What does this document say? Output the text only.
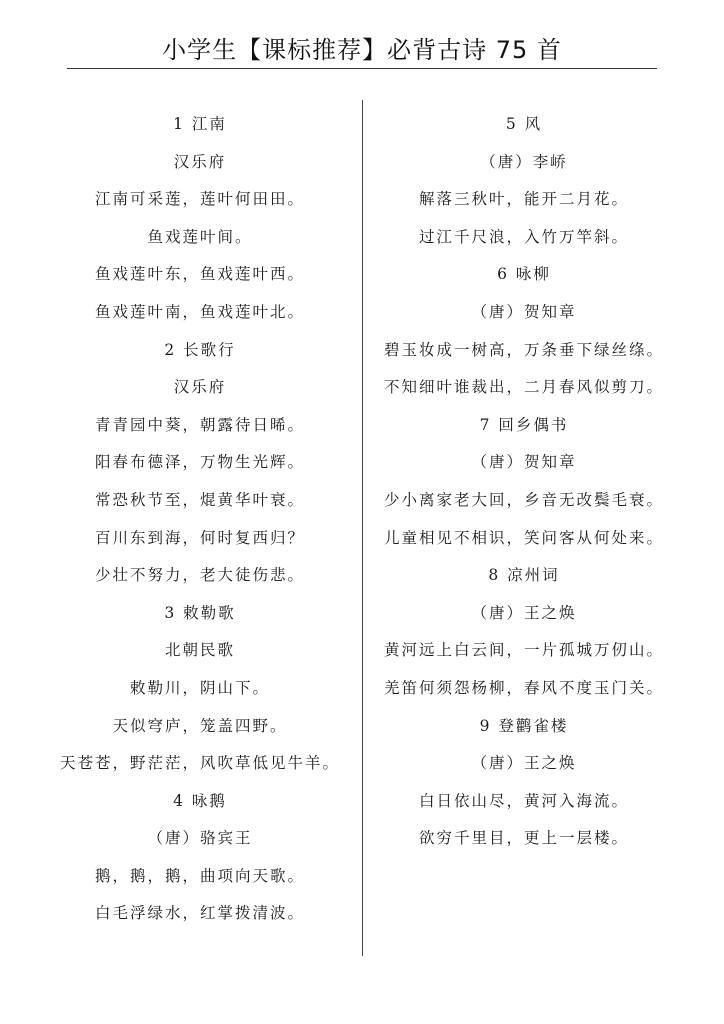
小学生【课标推荐】必背古诗 75 首
1 江南
汉乐府
江南可采莲，莲叶何田田。
鱼戏莲叶间。
鱼戏莲叶东，鱼戏莲叶西。
鱼戏莲叶南，鱼戏莲叶北。
2 长歌行
汉乐府
青青园中葵，朝露待日晞。
阳春布德泽，万物生光辉。
常恐秋节至，焜黄华叶衰。
百川东到海，何时复西归？
少壮不努力，老大徒伤悲。
3 敕勒歌
北朝民歌
敕勒川，阴山下。
天似穹庐，笼盖四野。
天苍苍，野茫茫，风吹草低见牛羊。
4 咏鹅
（唐）骆宾王
鹅，鹅，鹅，曲项向天歌。
白毛浮绿水，红掌拨清波。
5 风
（唐）李峤
解落三秋叶，能开二月花。
过江千尺浪，入竹万竿斜。
6 咏柳
（唐）贺知章
碧玉妆成一树高，万条垂下绿丝绦。
不知细叶谁裁出，二月春风似剪刀。
7 回乡偶书
（唐）贺知章
少小离家老大回，乡音无改鬓毛衰。
儿童相见不相识，笑问客从何处来。
8 凉州词
（唐）王之焕
黄河远上白云间，一片孤城万仞山。
羌笛何须怨杨柳，春风不度玉门关。
9 登鹳雀楼
（唐）王之焕
白日依山尽，黄河入海流。
欲穷千里目，更上一层楼。
